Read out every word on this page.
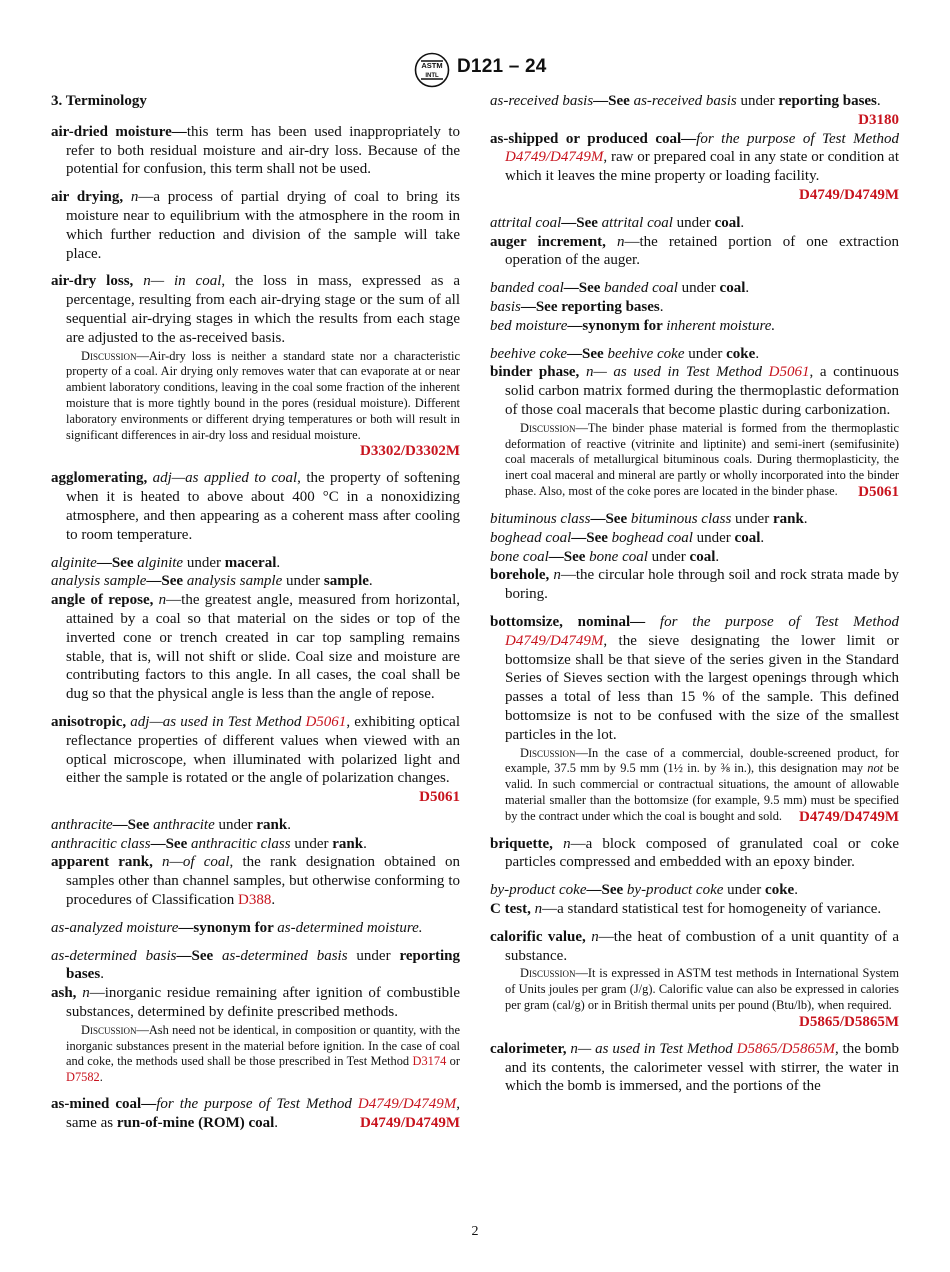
ASTM
INTL D121 – 24

3. Terminology

air-dried moisture—this term has been used inappropriately to refer to both residual moisture and air-dry loss. Because of the potential for confusion, this term shall not be used.

air drying, n—a process of partial drying of coal to bring its moisture near to equilibrium with the atmosphere in the room in which further reduction and division of the sample will take place.

air-dry loss, n— in coal, the loss in mass, expressed as a percentage, resulting from each air-drying stage or the sum of all sequential air-drying stages in which the results from each stage are adjusted to the as-received basis.

Discussion—Air-dry loss is neither a standard state nor a characteristic property of a coal. Air drying only removes water that can evaporate at or near ambient laboratory conditions, leaving in the coal some fraction of the inherent moisture that is more tightly bound in the pores (residual moisture). Different laboratory environments or different drying temperatures or both will result in significant differences in air-dry loss and residual moisture.
D3302/D3302M

agglomerating, adj—as applied to coal, the property of softening when it is heated to above about 400 °C in a nonoxidizing atmosphere, and then appearing as a coherent mass after cooling to room temperature.

alginite—See alginite under maceral.

analysis sample—See analysis sample under sample.

angle of repose, n—the greatest angle, measured from horizontal, attained by a coal so that material on the sides or top of the inverted cone or trench created in car top sampling remains stable, that is, will not shift or slide. Coal size and moisture are contributing factors to this angle. In all cases, the coal shall be dug so that the physical angle is less than the angle of repose.

anisotropic, adj—as used in Test Method D5061, exhibiting optical reflectance properties of different values when viewed with an optical microscope, when illuminated with polarized light and either the sample is rotated or the angle of polarization changes.
D5061

anthracite—See anthracite under rank.

anthracitic class—See anthracitic class under rank.

apparent rank, n—of coal, the rank designation obtained on samples other than channel samples, but otherwise conforming to procedures of Classification D388.

as-analyzed moisture—synonym for as-determined moisture.

as-determined basis—See as-determined basis under reporting bases.

ash, n—inorganic residue remaining after ignition of combustible substances, determined by definite prescribed methods.

Discussion—Ash need not be identical, in composition or quantity, with the inorganic substances present in the material before ignition. In the case of coal and coke, the methods used shall be those prescribed in Test Method D3174 or D7582.

as-mined coal—for the purpose of Test Method D4749/D4749M, same as run-of-mine (ROM) coal.	D4749/D4749M

as-received basis—See as-received basis under reporting bases.
D3180

as-shipped or produced coal—for the purpose of Test Method D4749/D4749M, raw or prepared coal in any state or condition at which it leaves the mine property or loading facility.
D4749/D4749M

attrital coal—See attrital coal under coal.

auger increment, n—the retained portion of one extraction operation of the auger.

banded coal—See banded coal under coal.

basis—See reporting bases.

bed moisture—synonym for inherent moisture.

beehive coke—See beehive coke under coke.

binder phase, n— as used in Test Method D5061, a continuous solid carbon matrix formed during the thermoplastic deformation of those coal macerals that become plastic during carbonization.

Discussion—The binder phase material is formed from the thermoplastic deformation of reactive (vitrinite and liptinite) and semi-inert (semifusinite) coal macerals of metallurgical bituminous coals. During thermoplasticity, the inert coal maceral and mineral are partly or wholly incorporated into the binder phase. Also, most of the coke pores are located in the binder phase. D5061

bituminous class—See bituminous class under rank.

boghead coal—See boghead coal under coal.

bone coal—See bone coal under coal.

borehole, n—the circular hole through soil and rock strata made by boring.

bottomsize, nominal— for the purpose of Test Method D4749/D4749M, the sieve designating the lower limit or bottomsize shall be that sieve of the series given in the Standard Series of Sieves section with the largest openings through which passes a total of less than 15 % of the sample. This defined bottomsize is not to be confused with the size of the smallest particles in the lot.

Discussion—In the case of a commercial, double-screened product, for example, 37.5 mm by 9.5 mm (1½ in. by ⅜ in.), this designation may not be valid. In such commercial or contractual situations, the amount of allowable material smaller than the bottomsize (for example, 9.5 mm) must be specified by the contract under which the coal is bought and sold. D4749/D4749M

briquette, n—a block composed of granulated coal or coke particles compressed and embedded with an epoxy binder.

by-product coke—See by-product coke under coke.

C test, n—a standard statistical test for homogeneity of variance.

calorific value, n—the heat of combustion of a unit quantity of a substance.

Discussion—It is expressed in ASTM test methods in International System of Units joules per gram (J/g). Calorific value can also be expressed in calories per gram (cal/g) or in British thermal units per pound (Btu/lb), when required.
D5865/D5865M

calorimeter, n— as used in Test Method D5865/D5865M, the bomb and its contents, the calorimeter vessel with stirrer, the water in which the bomb is immersed, and the portions of the

2
